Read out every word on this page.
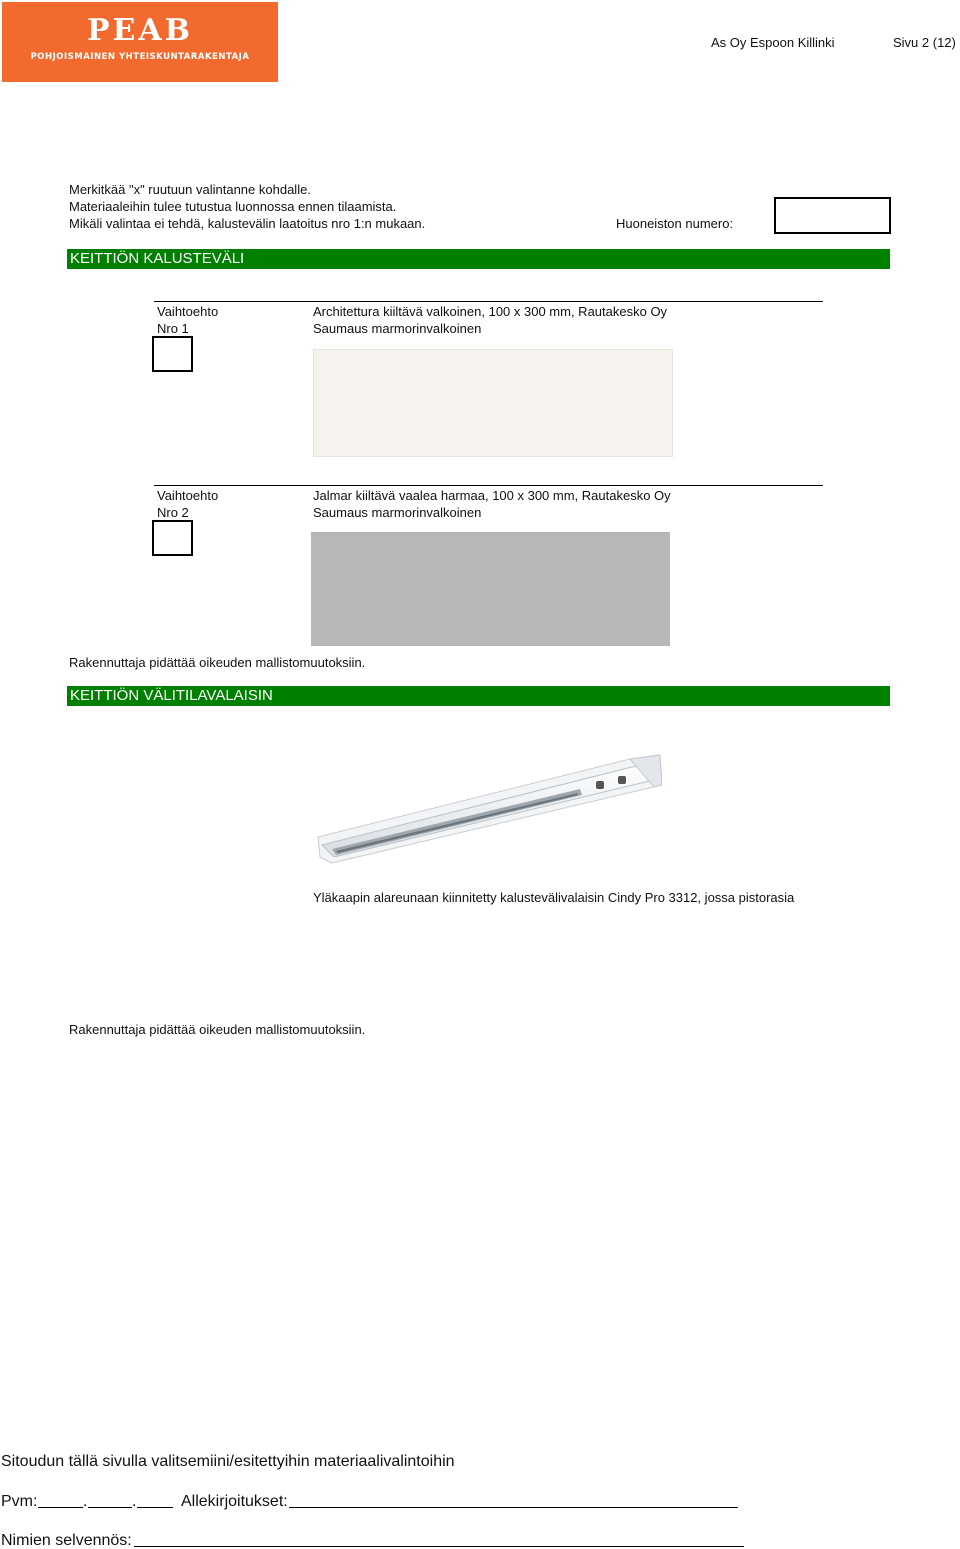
PEAB
POHJOISMAINEN YHTEISKUNTARAKENTAJA
As Oy Espoon Killinki	Sivu 2 (12)
Merkitkää "x" ruutuun valintanne kohdalle.
Materiaaleihin tulee tutustua luonnossa ennen tilaamista.
Mikäli valintaa ei tehdä, kalustevälin laatoitus nro 1:n mukaan.	Huoneiston numero:
KEITTIÖN KALUSTEVÄLI
Vaihtoehto
Nro 1
Architettura kiiltävä valkoinen, 100 x 300 mm, Rautakesko Oy
Saumaus marmorinvalkoinen
Vaihtoehto
Nro 2
Jalmar kiiltävä vaalea harmaa, 100 x 300 mm, Rautakesko Oy
Saumaus marmorinvalkoinen
Rakennuttaja pidättää oikeuden mallistomuutoksiin.
KEITTIÖN VÄLITILAVALAISIN
Yläkaapin alareunaan kiinnitetty kalustevälivalaisin Cindy Pro 3312, jossa pistorasia
Rakennuttaja pidättää oikeuden mallistomuutoksiin.
Sitoudun tällä sivulla valitsemiini/esitettyihin materiaalivalintoihin
Pvm:	.	.	Allekirjoitukset:
Nimien selvennös:
